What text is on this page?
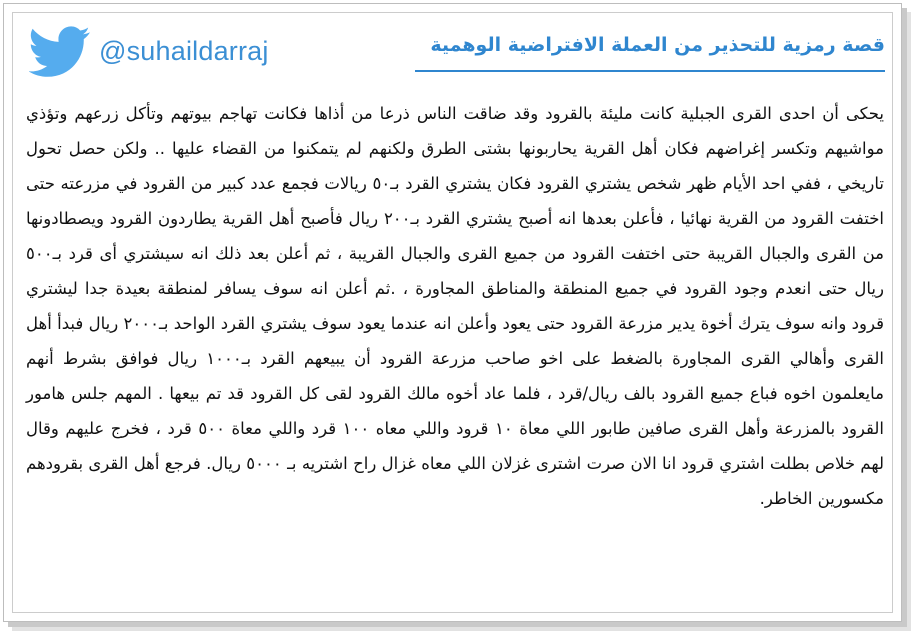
@suhaildarraj	قصة رمزية للتحذير من العملة الافتراضية الوهمية

يحكى أن احدى القرى الجبلية كانت مليئة بالقرود وقد ضاقت الناس ذرعا من أذاها فكانت تهاجم بيوتهم وتأكل زرعهم وتؤذي مواشيهم وتكسر إغراضهم فكان أهل القرية يحاربونها بشتى الطرق ولكنهم لم يتمكنوا من القضاء عليها .. ولكن حصل تحول تاريخي ، ففي احد الأيام ظهر شخص يشتري القرود فكان يشتري القرد بـ٥٠ ريالات فجمع عدد كبير من القرود في مزرعته حتى اختفت القرود من القرية نهائيا ، فأعلن بعدها انه أصبح يشتري القرد بـ٢٠٠ ريال فأصبح أهل القرية يطاردون القرود ويصطادونها من القرى والجبال القريبة حتى اختفت القرود من جميع القرى والجبال القريبة ، ثم أعلن بعد ذلك انه سيشتري أى قرد بـ٥٠٠ ريال حتى انعدم وجود القرود في جميع المنطقة والمناطق المجاورة ، .ثم أعلن انه سوف يسافر لمنطقة بعيدة جدا ليشتري قرود وانه سوف يترك أخوة يدير مزرعة القرود حتى يعود وأعلن انه عندما يعود سوف يشتري القرد الواحد بـ٢٠٠٠ ريال فبدأ أهل القرى وأهالي القرى المجاورة بالضغط على اخو صاحب مزرعة القرود أن يبيعهم القرد بـ١٠٠٠ ريال فوافق بشرط أنهم مايعلمون اخوه فباع جميع القرود بالف ريال/قرد ، فلما عاد أخوه مالك القرود لقى كل القرود قد تم بيعها . المهم جلس هامور القرود بالمزرعة وأهل القرى صافين طابور اللي معاة ١٠ قرود واللي معاه ١٠٠ قرد واللي معاة ٥٠٠ قرد ، فخرج عليهم وقال لهم خلاص بطلت اشتري قرود انا الان صرت اشترى غزلان اللي معاه غزال راح اشتريه بـ ٥٠٠٠ ريال. فرجع أهل القرى بقرودهم مكسورين الخاطر.
